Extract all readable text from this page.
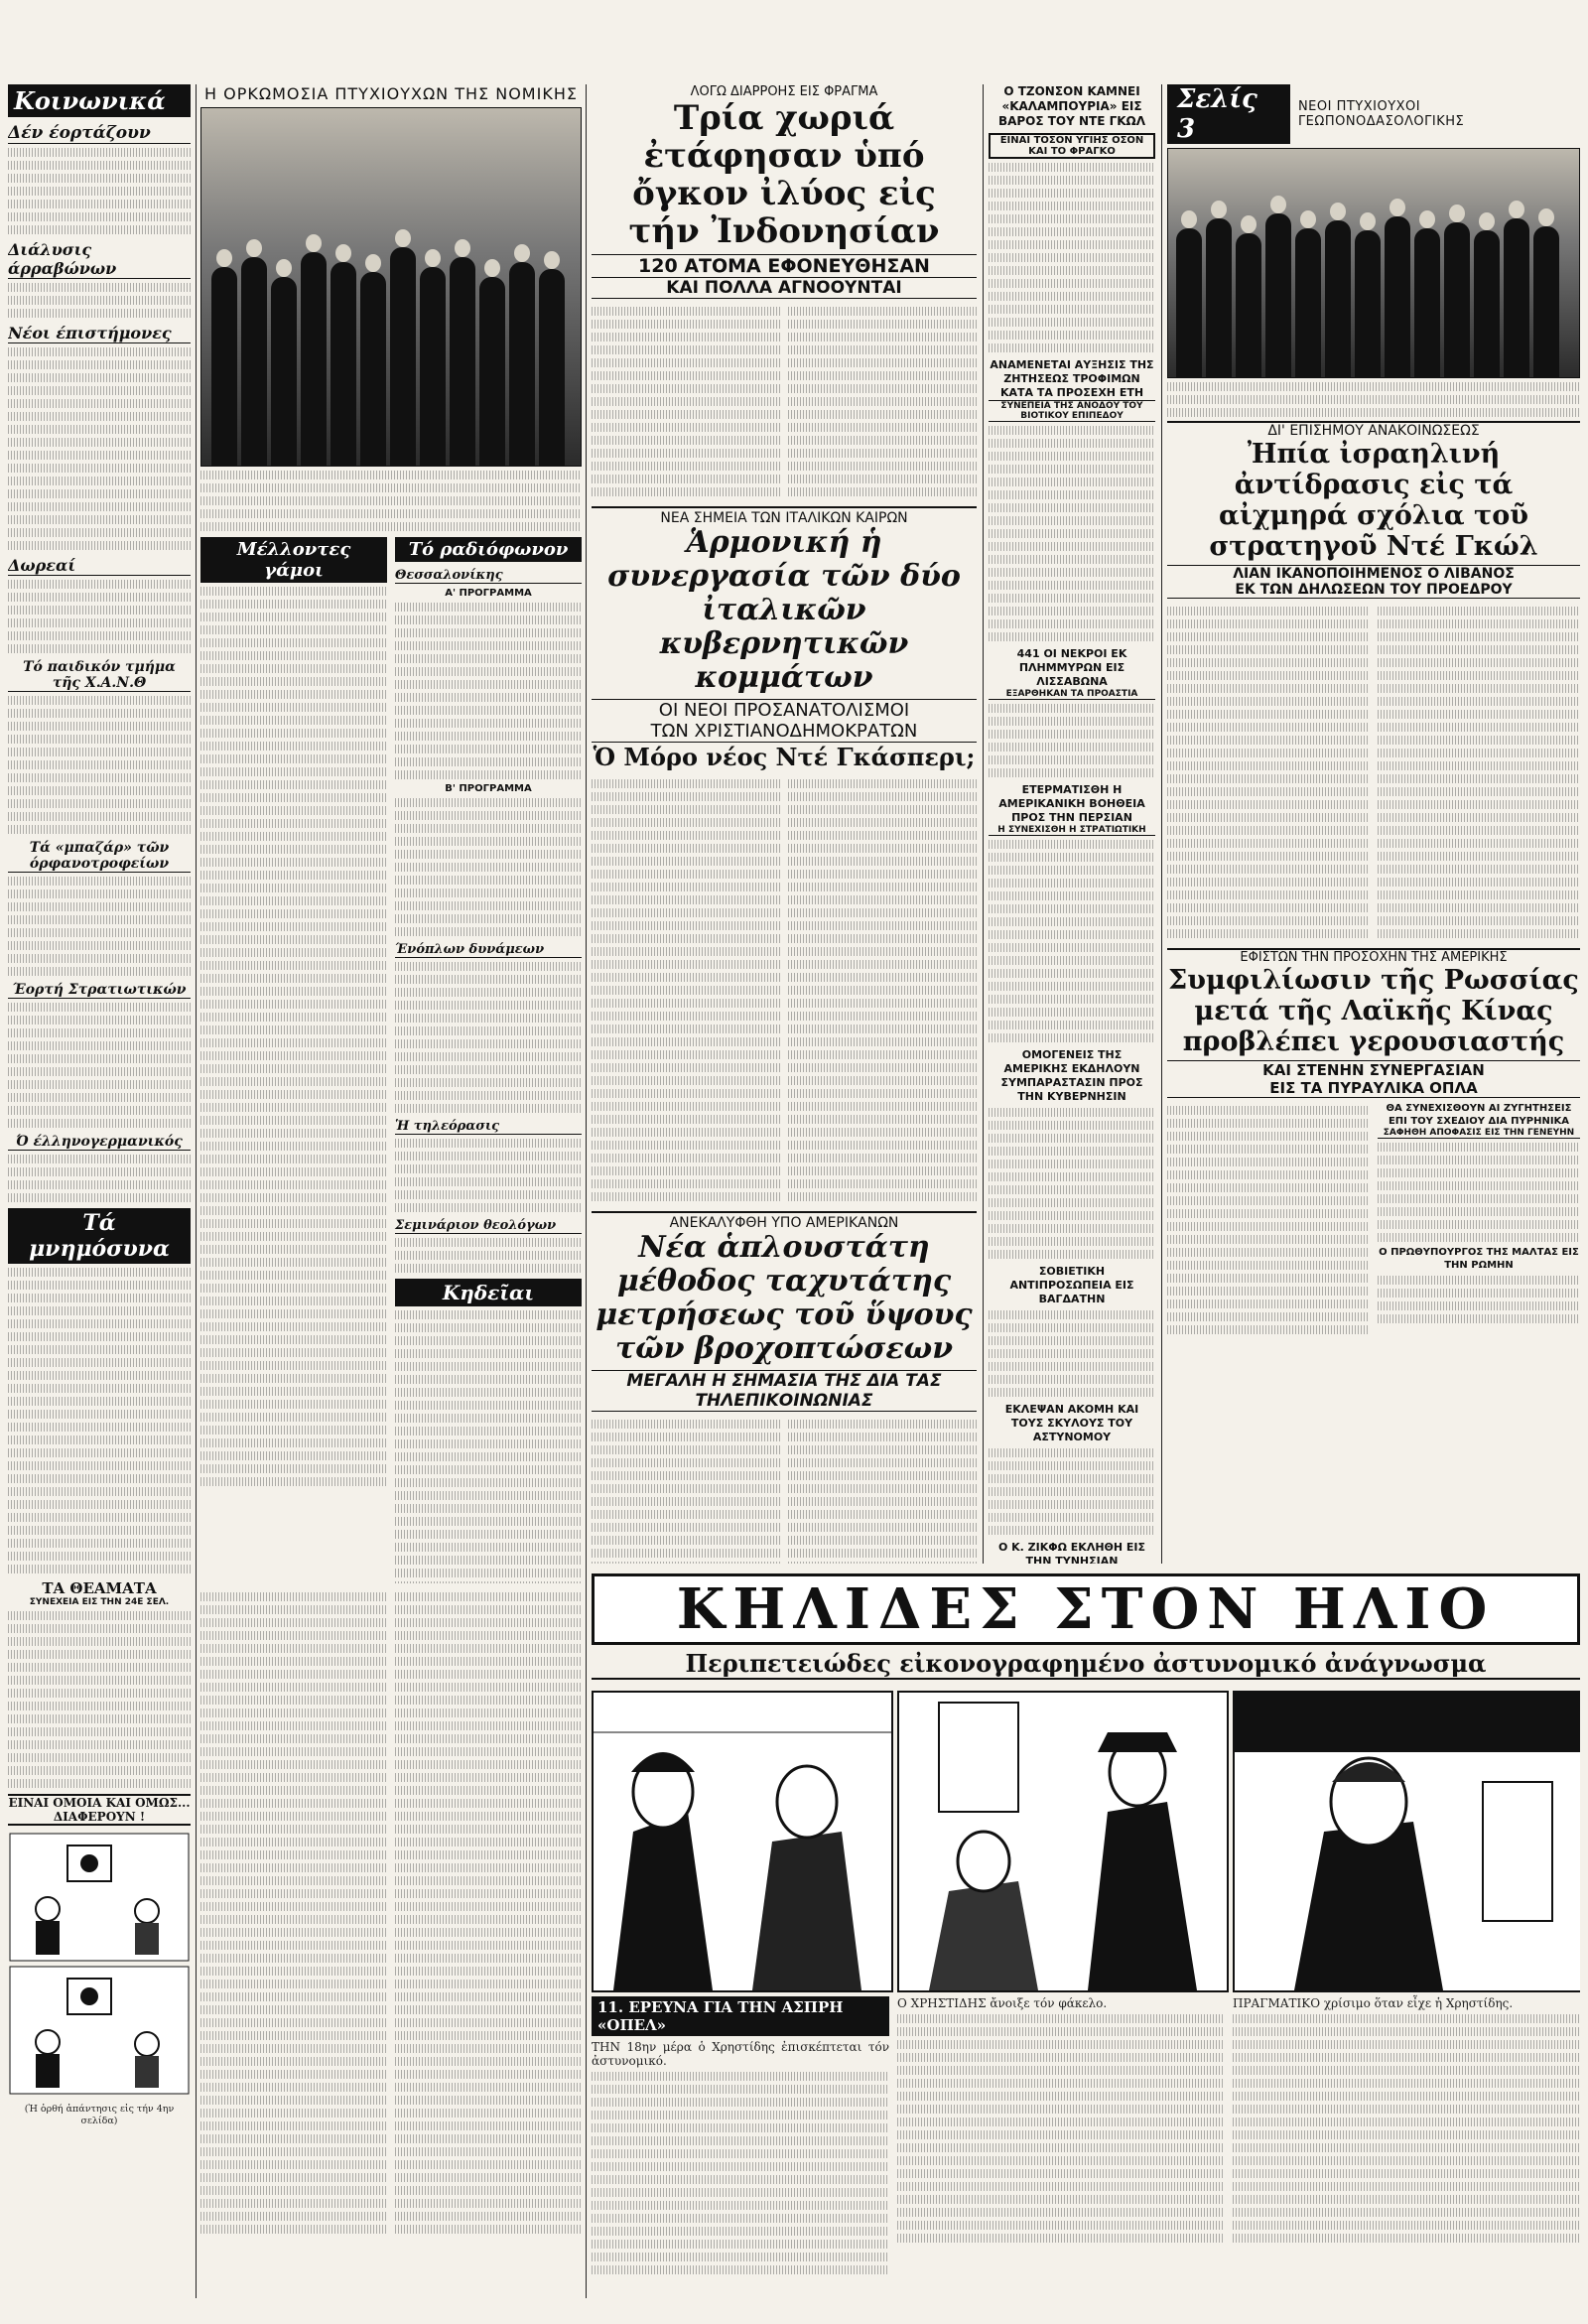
Κοινωνικά
Δέν έορτάζουν
Διάλυσις άρραβώνων
Νέοι έπιστήμονες
Δωρεαί
Τό παιδικόν τμήμα τῆς Χ.Α.Ν.Θ
Τά «μπαζάρ» τῶν όρφανοτροφείων
Έορτή Στρατιωτικών
Ό έλληνογερμανικός
Τά μνημόσυνα
ΤΑ ΘΕΑΜΑΤΑ
ΣΥΝΕΧΕΙΑ ΕΙΣ ΤΗΝ 24Ε ΣΕΛ.
ΕΙΝΑΙ ΟΜΟΙΑ ΚΑΙ ΟΜΩΣ... ΔΙΑΦΕΡΟΥΝ !
(Ἡ ὀρθή ἀπάντησις εἰς τήν 4ην σελίδα)
Η ΟΡΚΩΜΟΣΙΑ ΠΤΥΧΙΟΥΧΩΝ ΤΗΣ ΝΟΜΙΚΗΣ
Μέλλοντες γάμοι
Τό ραδιόφωνον
Θεσσαλονίκης
Α' ΠΡΟΓΡΑΜΜΑ
Β' ΠΡΟΓΡΑΜΜΑ
Ένόπλων δυνάμεων
Ἡ τηλεόρασις
Σεμινάριον θεολόγων
Κηδεῖαι
ΛΟΓΩ ΔΙΑΡΡΟΗΣ ΕΙΣ ΦΡΑΓΜΑ
Τρία χωριά ἐτάφησαν ὑπό ὄγκον ἰλύος εἰς τήν Ἰνδονησίαν
120 ΑΤΟΜΑ ΕΦΟΝΕΥΘΗΣΑΝ
ΚΑΙ ΠΟΛΛΑ ΑΓΝΟΟΥΝΤΑΙ
ΝΕΑ ΣΗΜΕΙΑ ΤΩΝ ΙΤΑΛΙΚΩΝ ΚΑΙΡΩΝ
Ἁρμονική ἡ συνεργασία τῶν δύο ἰταλικῶν κυβερνητικῶν κομμάτων
ΟΙ ΝΕΟΙ ΠΡΟΣΑΝΑΤΟΛΙΣΜΟΙ
ΤΩΝ ΧΡΙΣΤΙΑΝΟΔΗΜΟΚΡΑΤΩΝ
Ὁ Μόρο νέος Ντέ Γκάσπερι;
ΑΝΕΚΑΛΥΦΘΗ ΥΠΟ ΑΜΕΡΙΚΑΝΩΝ
Νέα ἁπλουστάτη μέθοδος ταχυτάτης μετρήσεως τοῦ ὕψους τῶν βροχοπτώσεων
ΜΕΓΑΛΗ Η ΣΗΜΑΣΙΑ ΤΗΣ ΔΙΑ ΤΑΣ ΤΗΛΕΠΙΚΟΙΝΩΝΙΑΣ
Ο ΤΖΟΝΣΟΝ ΚΑΜΝΕΙ «ΚΑΛΑΜΠΟΥΡΙΑ» ΕΙΣ ΒΑΡΟΣ ΤΟΥ ΝΤΕ ΓΚΩΛ
ΕΙΝΑΙ ΤΟΣΟΝ ΥΓΙΗΣ ΟΣΟΝ ΚΑΙ ΤΟ ΦΡΑΓΚΟ
ΑΝΑΜΕΝΕΤΑΙ ΑΥΞΗΣΙΣ ΤΗΣ ΖΗΤΗΣΕΩΣ ΤΡΟΦΙΜΩΝ ΚΑΤΑ ΤΑ ΠΡΟΣΕΧΗ ΕΤΗ
ΣΥΝΕΠΕΙΑ ΤΗΣ ΑΝΟΔΟΥ ΤΟΥ ΒΙΟΤΙΚΟΥ ΕΠΙΠΕΔΟΥ
441 ΟΙ ΝΕΚΡΟΙ ΕΚ ΠΛΗΜΜΥΡΩΝ ΕΙΣ ΛΙΣΣΑΒΩΝΑ
ΕΞΑΡΘΗΚΑΝ ΤΑ ΠΡΟΑΣΤΙΑ
ΕΤΕΡΜΑΤΙΣΘΗ Η ΑΜΕΡΙΚΑΝΙΚΗ ΒΟΗΘΕΙΑ ΠΡΟΣ ΤΗΝ ΠΕΡΣΙΑΝ
Η ΣΥΝΕΧΙΣΘΗ Η ΣΤΡΑΤΙΩΤΙΚΗ
ΟΜΟΓΕΝΕΙΣ ΤΗΣ ΑΜΕΡΙΚΗΣ ΕΚΔΗΛΟΥΝ ΣΥΜΠΑΡΑΣΤΑΣΙΝ ΠΡΟΣ ΤΗΝ ΚΥΒΕΡΝΗΣΙΝ
ΣΟΒΙΕΤΙΚΗ ΑΝΤΙΠΡΟΣΩΠΕΙΑ ΕΙΣ ΒΑΓΔΑΤΗΝ
ΕΚΛΕΨΑΝ ΑΚΟΜΗ ΚΑΙ ΤΟΥΣ ΣΚΥΛΟΥΣ ΤΟΥ ΑΣΤΥΝΟΜΟΥ
Ο Κ. ΖΙΚΦΩ ΕΚΛΗΘΗ ΕΙΣ ΤΗΝ ΤΥΝΗΣΙΑΝ
Σελίς 3
ΝΕΟΙ ΠΤΥΧΙΟΥΧΟΙ ΓΕΩΠΟΝΟΔΑΣΟΛΟΓΙΚΗΣ
ΔΙ' ΕΠΙΣΗΜΟΥ ΑΝΑΚΟΙΝΩΣΕΩΣ
Ἠπία ἰσραηλινή ἀντίδρασις εἰς τά αἰχμηρά σχόλια τοῦ στρατηγοῦ Ντέ Γκώλ
ΛΙΑΝ ΙΚΑΝΟΠΟΙΗΜΕΝΟΣ Ο ΛΙΒΑΝΟΣ
ΕΚ ΤΩΝ ΔΗΛΩΣΕΩΝ ΤΟΥ ΠΡΟΕΔΡΟΥ
ΕΦΙΣΤΩΝ ΤΗΝ ΠΡΟΣΟΧΗΝ ΤΗΣ ΑΜΕΡΙΚΗΣ
Συμφιλίωσιν τῆς Ρωσσίας μετά τῆς Λαϊκῆς Κίνας προβλέπει γερουσιαστής
ΚΑΙ ΣΤΕΝΗΝ ΣΥΝΕΡΓΑΣΙΑΝ
ΕΙΣ ΤΑ ΠΥΡΑΥΛΙΚΑ ΟΠΛΑ
ΘΑ ΣΥΝΕΧΙΣΘΟΥΝ ΑΙ ΖΥΓΗΤΗΣΕΙΣ ΕΠΙ ΤΟΥ ΣΧΕΔΙΟΥ ΔΙΑ ΠΥΡΗΝΙΚΑ
ΣΑΦΗΘΗ ΑΠΟΦΑΣΙΣ ΕΙΣ ΤΗΝ ΓΕΝΕΥΗΝ
Ο ΠΡΩΘΥΠΟΥΡΓΟΣ ΤΗΣ ΜΑΛΤΑΣ ΕΙΣ ΤΗΝ ΡΩΜΗΝ
ΚΗΛΙΔΕΣ ΣΤΟΝ ΗΛΙΟ
Περιπετειώδες εἰκονογραφημένο ἀστυνομικό ἀνάγνωσμα
11. ΕΡΕΥΝΑ ΓΙΑ ΤΗΝ ΑΣΠΡΗ «ΟΠΕΛ»
ΤΗΝ 18ην μέρα ὁ Χρηστίδης ἐπισκέπτεται τόν ἀστυνομικό.
Ο ΧΡΗΣΤΙΔΗΣ ἄνοιξε τόν φάκελο.	ΠΡΑΓΜΑΤΙΚΟ χρίσιμο ὅταν εἶχε ἡ Χρηστίδης.
